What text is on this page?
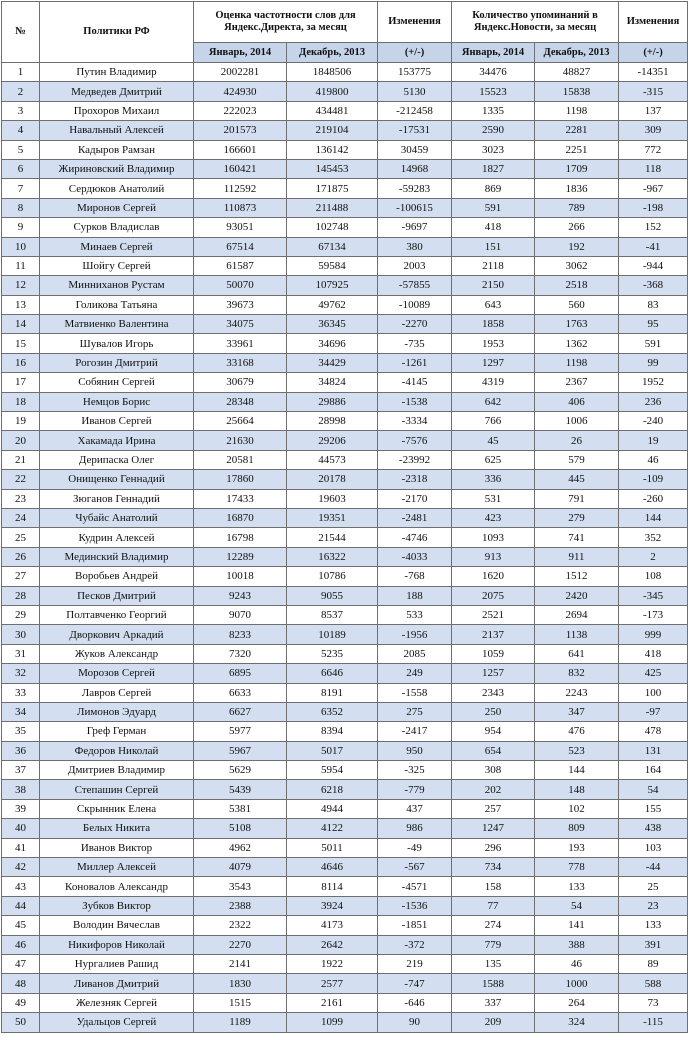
№	Политики РФ	Оценка частотности слов для Яндекс.Директа, за месяц		Изменения	Количество упоминаний в Яндекс.Новости, за месяц		Изменения
		Январь, 2014	Декабрь, 2013	(+/-)	Январь, 2014	Декабрь, 2013	(+/-)
1	Путин Владимир	2002281	1848506	153775	34476	48827	-14351
2	Медведев Дмитрий	424930	419800	5130	15523	15838	-315
3	Прохоров Михаил	222023	434481	-212458	1335	1198	137
4	Навальный Алексей	201573	219104	-17531	2590	2281	309
5	Кадыров Рамзан	166601	136142	30459	3023	2251	772
6	Жириновский Владимир	160421	145453	14968	1827	1709	118
7	Сердюков Анатолий	112592	171875	-59283	869	1836	-967
8	Миронов Сергей	110873	211488	-100615	591	789	-198
9	Сурков Владислав	93051	102748	-9697	418	266	152
10	Минаев Сергей	67514	67134	380	151	192	-41
11	Шойгу Сергей	61587	59584	2003	2118	3062	-944
12	Минниханов Рустам	50070	107925	-57855	2150	2518	-368
13	Голикова Татьяна	39673	49762	-10089	643	560	83
14	Матвиенко Валентина	34075	36345	-2270	1858	1763	95
15	Шувалов Игорь	33961	34696	-735	1953	1362	591
16	Рогозин Дмитрий	33168	34429	-1261	1297	1198	99
17	Собянин Сергей	30679	34824	-4145	4319	2367	1952
18	Немцов Борис	28348	29886	-1538	642	406	236
19	Иванов Сергей	25664	28998	-3334	766	1006	-240
20	Хакамада Ирина	21630	29206	-7576	45	26	19
21	Дерипаска Олег	20581	44573	-23992	625	579	46
22	Онищенко Геннадий	17860	20178	-2318	336	445	-109
23	Зюганов Геннадий	17433	19603	-2170	531	791	-260
24	Чубайс Анатолий	16870	19351	-2481	423	279	144
25	Кудрин Алексей	16798	21544	-4746	1093	741	352
26	Мединский Владимир	12289	16322	-4033	913	911	2
27	Воробьев Андрей	10018	10786	-768	1620	1512	108
28	Песков Дмитрий	9243	9055	188	2075	2420	-345
29	Полтавченко Георгий	9070	8537	533	2521	2694	-173
30	Дворкович Аркадий	8233	10189	-1956	2137	1138	999
31	Жуков Александр	7320	5235	2085	1059	641	418
32	Морозов Сергей	6895	6646	249	1257	832	425
33	Лавров Сергей	6633	8191	-1558	2343	2243	100
34	Лимонов Эдуард	6627	6352	275	250	347	-97
35	Греф Герман	5977	8394	-2417	954	476	478
36	Федоров Николай	5967	5017	950	654	523	131
37	Дмитриев Владимир	5629	5954	-325	308	144	164
38	Степашин Сергей	5439	6218	-779	202	148	54
39	Скрынник Елена	5381	4944	437	257	102	155
40	Белых Никита	5108	4122	986	1247	809	438
41	Иванов Виктор	4962	5011	-49	296	193	103
42	Миллер Алексей	4079	4646	-567	734	778	-44
43	Коновалов Александр	3543	8114	-4571	158	133	25
44	Зубков Виктор	2388	3924	-1536	77	54	23
45	Володин Вячеслав	2322	4173	-1851	274	141	133
46	Никифоров Николай	2270	2642	-372	779	388	391
47	Нургалиев Рашид	2141	1922	219	135	46	89
48	Ливанов Дмитрий	1830	2577	-747	1588	1000	588
49	Железняк Сергей	1515	2161	-646	337	264	73
50	Удальцов Сергей	1189	1099	90	209	324	-115
